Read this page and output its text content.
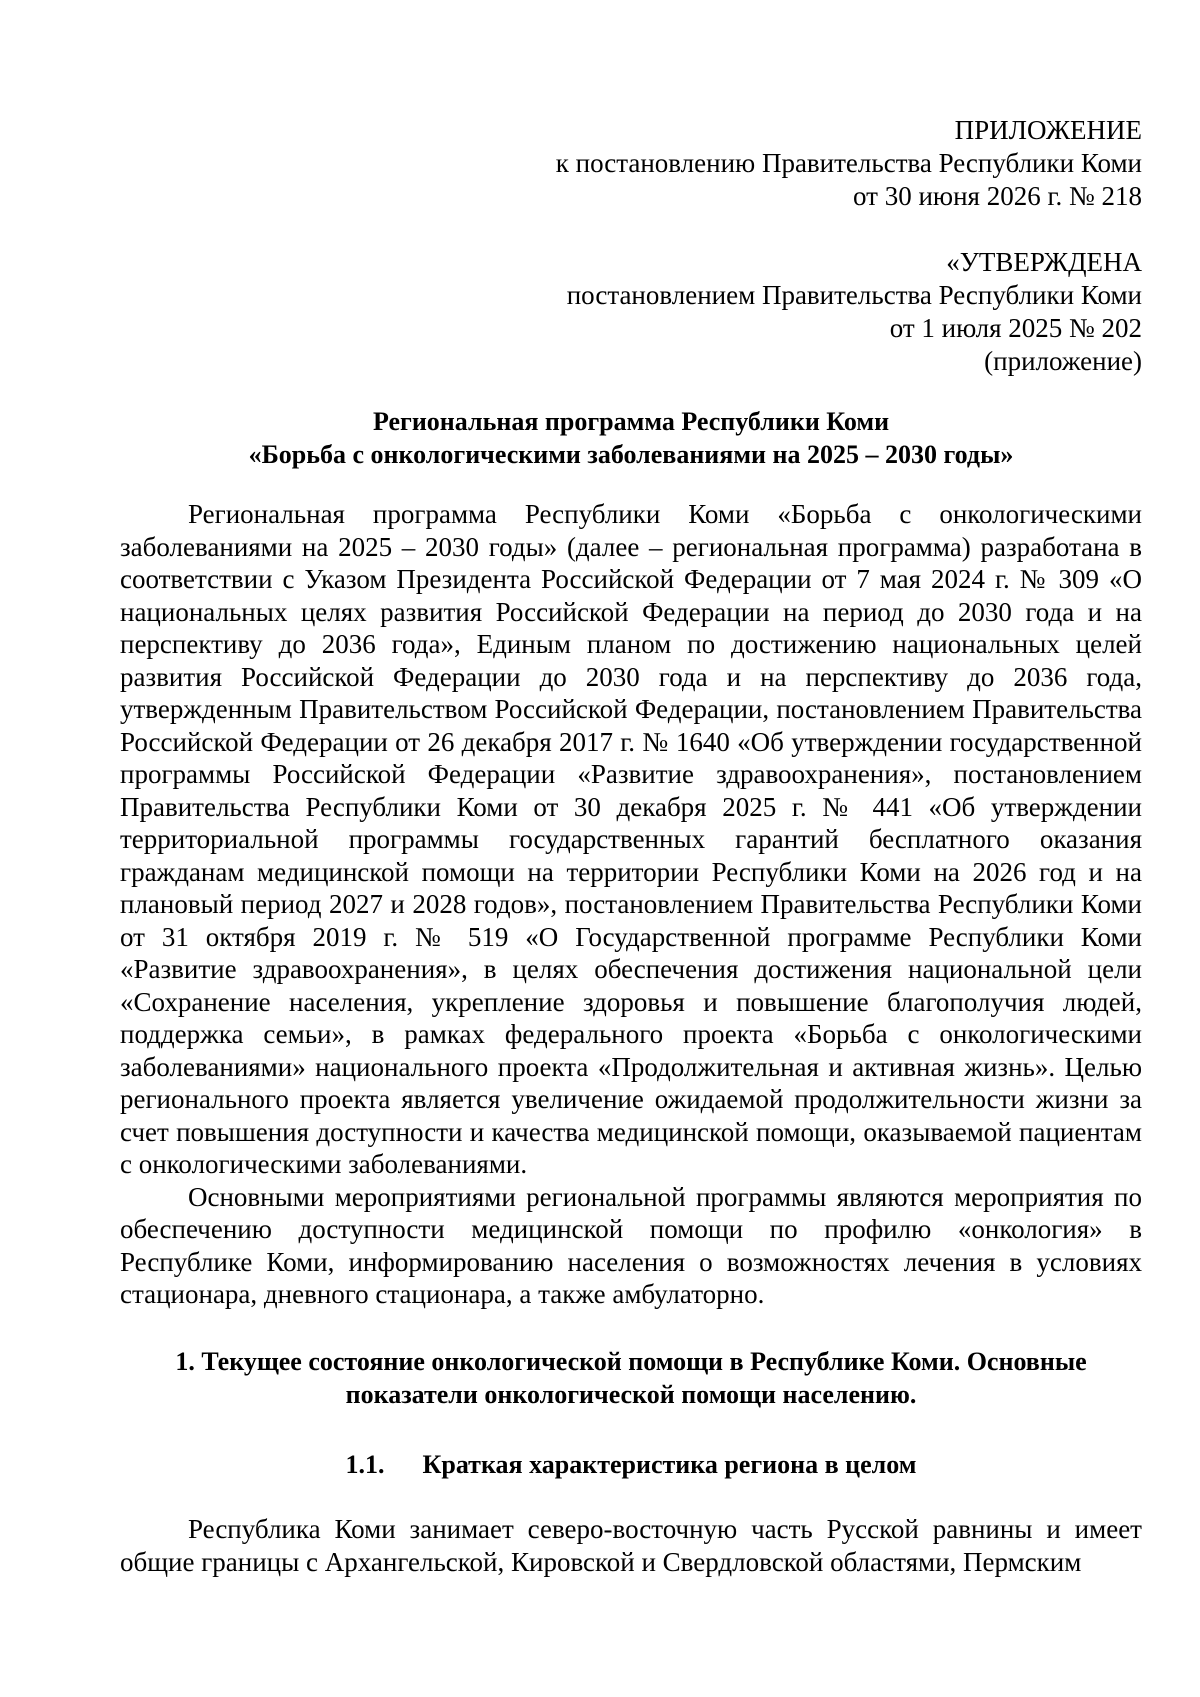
ПРИЛОЖЕНИЕ
к постановлению Правительства Республики Коми
от 30 июня 2026 г. № 218
«УТВЕРЖДЕНА
постановлением Правительства Республики Коми
от 1 июля 2025 № 202
(приложение)
Региональная программа Республики Коми
«Борьба с онкологическими заболеваниями на 2025 – 2030 годы»

Региональная программа Республики Коми «Борьба с онкологическими заболеваниями на 2025 – 2030 годы» (далее – региональная программа) разработана в соответствии с Указом Президента Российской Федерации от 7 мая 2024 г. № 309 «О национальных целях развития Российской Федерации на период до 2030 года и на перспективу до 2036 года», Единым планом по достижению национальных целей развития Российской Федерации до 2030 года и на перспективу до 2036 года, утвержденным Правительством Российской Федерации, постановлением Правительства Российской Федерации от 26 декабря 2017 г. № 1640 «Об утверждении государственной программы Российской Федерации «Развитие здравоохранения», постановлением Правительства Республики Коми от 30 декабря 2025 г. № 441 «Об утверждении территориальной программы государственных гарантий бесплатного оказания гражданам медицинской помощи на территории Республики Коми на 2026 год и на плановый период 2027 и 2028 годов», постановлением Правительства Республики Коми от 31 октября 2019 г. № 519 «О Государственной программе Республики Коми «Развитие здравоохранения», в целях обеспечения достижения национальной цели «Сохранение населения, укрепление здоровья и повышение благополучия людей, поддержка семьи», в рамках федерального проекта «Борьба с онкологическими заболеваниями» национального проекта «Продолжительная и активная жизнь». Целью регионального проекта является увеличение ожидаемой продолжительности жизни за счет повышения доступности и качества медицинской помощи, оказываемой пациентам с онкологическими заболеваниями.

Основными мероприятиями региональной программы являются мероприятия по обеспечению доступности медицинской помощи по профилю «онкология» в Республике Коми, информированию населения о возможностях лечения в условиях стационара, дневного стационара, а также амбулаторно.

1. Текущее состояние онкологической помощи в Республике Коми. Основные
показатели онкологической помощи населению.
1.1. Краткая характеристика региона в целом

Республика Коми занимает северо-восточную часть Русской равнины и имеет общие границы с Архангельской, Кировской и Свердловской областями, Пермским
